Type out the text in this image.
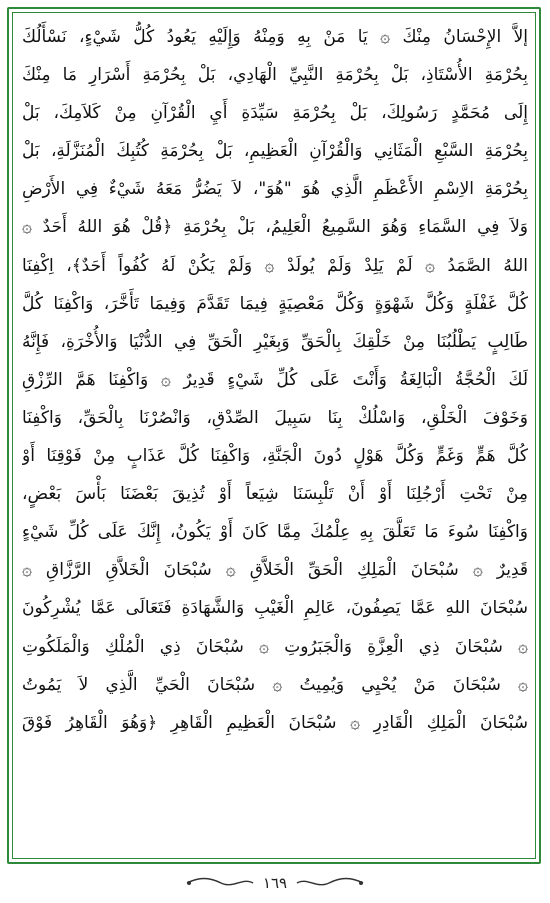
إلاَّ الإِحْسَانُ مِنْكَ ۞ يَا مَنْ بِهِ وَمِنْهُ وَإِلَيْهِ يَعُودُ كُلُّ شَيْءٍ، نَسْأَلُكَ
بِحُرْمَةِ الأُسْتَاذِ، بَلْ بِحُرْمَةِ النَّبِيِّ الْهَادِي، بَلْ بِحُرْمَةِ أَسْرَارِ مَا مِنْكَ
إِلَى مُحَمَّدٍ رَسُولِكَ، بَلْ بِحُرْمَةِ سَيِّدَةِ أَيِ الْقُرْآنِ مِنْ كَلاَمِكَ، بَلْ
بِحُرْمَةِ السَّبْعِ الْمَثَانِي وَالْقُرْآنِ الْعَظِيمِ، بَلْ بِحُرْمَةِ كُتُبِكَ الْمُنَزَّلَةِ، بَلْ
بِحُرْمَةِ الاِسْمِ الأَعْظَمِ الَّذِي هُوَ "هُوَ"، لاَ يَضُرُّ مَعَهُ شَيْءٌ فِي الأَرْضِ
وَلاَ فِي السَّمَاءِ وَهُوَ السَّمِيعُ الْعَلِيمُ، بَلْ بِحُرْمَةِ ﴿قُلْ هُوَ اللهُ أَحَدٌ ۞
اللهُ الصَّمَدُ ۞ لَمْ يَلِدْ وَلَمْ يُولَدْ ۞ وَلَمْ يَكُنْ لَهُ كُفُواً أَحَدٌ﴾، اِكْفِنَا
كُلَّ غَفْلَةٍ وَكُلَّ شَهْوَةٍ وَكُلَّ مَعْصِيَةٍ فِيمَا تَقَدَّمَ وَفِيمَا تَأَخَّرَ، وَاكْفِنَا كُلَّ
طَالِبٍ يَطْلُبُنَا مِنْ خَلْقِكَ بِالْحَقِّ وَبِغَيْرِ الْحَقِّ فِي الدُّنْيَا وَالأُخْرَةِ، فَإِنَّهُ
لَكَ الْحُجَّةُ الْبَالِغَةُ وَأَنْتَ عَلَى كُلِّ شَيْءٍ قَدِيرٌ ۞ وَاكْفِنَا هَمَّ الرِّزْقِ
وَخَوْفَ الْخَلْقِ، وَاسْلُكْ بِنَا سَبِيلَ الصِّدْقِ، وَانْصُرْنَا بِالْحَقِّ، وَاكْفِنَا
كُلَّ هَمٍّ وَغَمٍّ وَكُلَّ هَوْلٍ دُونَ الْجَنَّةِ، وَاكْفِنَا كُلَّ عَذَابٍ مِنْ فَوْقِنَا أَوْ
مِنْ تَحْتِ أَرْجُلِنَا أَوْ أَنْ تَلْبِسَنَا شِيَعاً أَوْ تُذِيقَ بَعْضَنَا بَأْسَ بَعْضٍ،
وَاكْفِنَا سُوءَ مَا تَعَلَّقَ بِهِ عِلْمُكَ مِمَّا كَانَ أَوْ يَكُونُ، إِنَّكَ عَلَى كُلِّ شَيْءٍ
قَدِيرٌ ۞ سُبْحَانَ الْمَلِكِ الْحَقِّ الْخَلاَّقِ ۞ سُبْحَانَ الْخَلاَّقِ الرَّزَّاقِ ۞
سُبْحَانَ اللهِ عَمَّا يَصِفُونَ، عَالِمِ الْغَيْبِ وَالشَّهَادَةِ فَتَعَالَى عَمَّا يُشْرِكُونَ
۞ سُبْحَانَ ذِي الْعِزَّةِ وَالْجَبَرُوتِ ۞ سُبْحَانَ ذِي الْمُلْكِ وَالْمَلَكُوتِ
۞ سُبْحَانَ مَنْ يُحْيِي وَيُمِيتُ ۞ سُبْحَانَ الْحَيِّ الَّذِي لاَ يَمُوتُ
سُبْحَانَ الْمَلِكِ الْقَادِرِ ۞ سُبْحَانَ الْعَظِيمِ الْقَاهِرِ ﴿وَهُوَ الْقَاهِرُ فَوْقَ
١٦٩
